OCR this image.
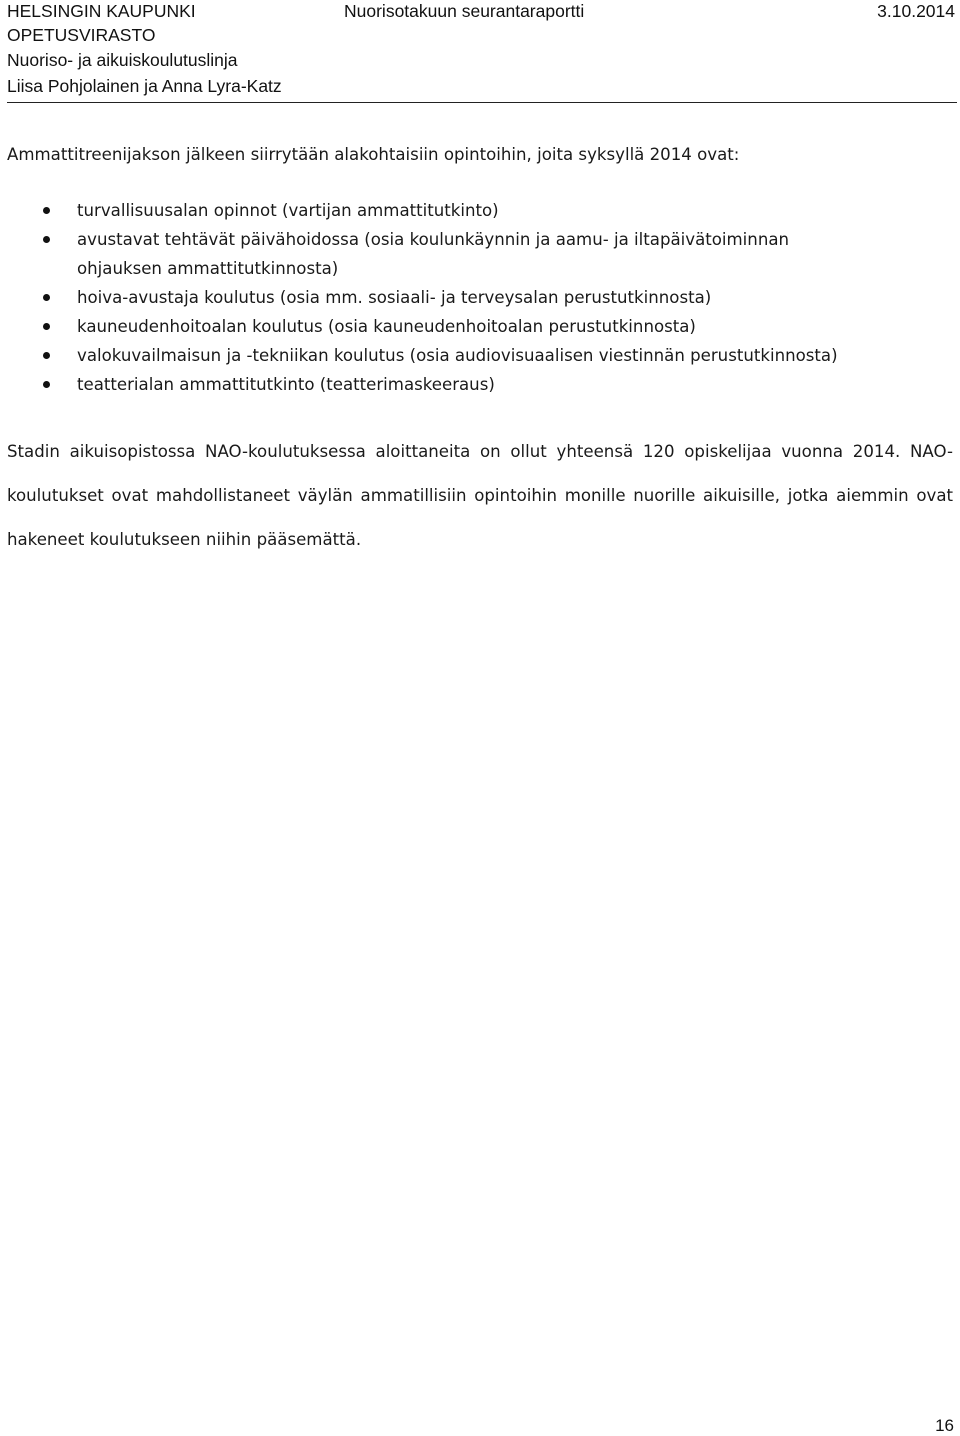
HELSINGIN KAUPUNKI
OPETUSVIRASTO
Nuoriso- ja aikuiskoulutuslinja
Liisa Pohjolainen ja Anna Lyra-Katz
Nuorisotakuun seurantaraportti	3.10.2014
Ammattitreenijakson jälkeen siirrytään alakohtaisiin opintoihin, joita syksyllä 2014 ovat:
turvallisuusalan opinnot (vartijan ammattitutkinto)
avustavat tehtävät päivähoidossa (osia koulunkäynnin ja aamu- ja iltapäivätoiminnan
ohjauksen ammattitutkinnosta)
hoiva-avustaja koulutus (osia mm. sosiaali- ja terveysalan perustutkinnosta)
kauneudenhoitoalan koulutus (osia kauneudenhoitoalan perustutkinnosta)
valokuvailmaisun ja -tekniikan koulutus (osia audiovisuaalisen viestinnän perustutkinnosta)
teatterialan ammattitutkinto (teatterimaskeeraus)

Stadin aikuisopistossa NAO-koulutuksessa aloittaneita on ollut yhteensä 120 opiskelijaa vuonna 2014. NAO-koulutukset ovat mahdollistaneet väylän ammatillisiin opintoihin monille nuorille aikuisille, jotka aiemmin ovat hakeneet koulutukseen niihin pääsemättä.

16
